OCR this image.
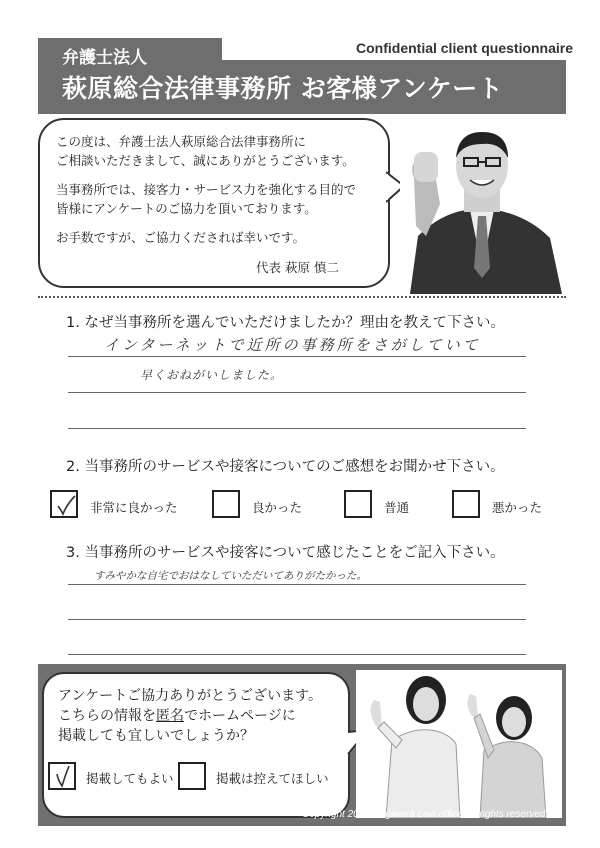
Confidential client questionnaire
弁護士法人
萩原総合法律事務所 お客様アンケート

この度は、弁護士法人萩原総合法律事務所に
ご相談いただきまして、誠にありがとうございます。

当事務所では、接客力・サービス力を強化する目的で
皆様にアンケートのご協力を頂いております。

お手数ですが、ご協力くだされば幸いです。

代表 萩原 慎二
1. なぜ当事務所を選んでいただけましたか？理由を教えて下さい。
インターネットで近所の事務所をさがしていて
早くおねがいしました。
2. 当事務所のサービスや接客についてのご感想をお聞かせ下さい。
非常に良かった	良かった	普通	悪かった
3. 当事務所のサービスや接客について感じたことをご記入下さい。
すみやかな自宅でおはなしていただいてありがたかった。
アンケートご協力ありがとうございます。
こちらの情報を匿名でホームページに
掲載しても宜しいでしょうか？
掲載してもよい	掲載は控えてほしい
Copyrignt 2014 Hagiwara Law office.All rights reserved.
